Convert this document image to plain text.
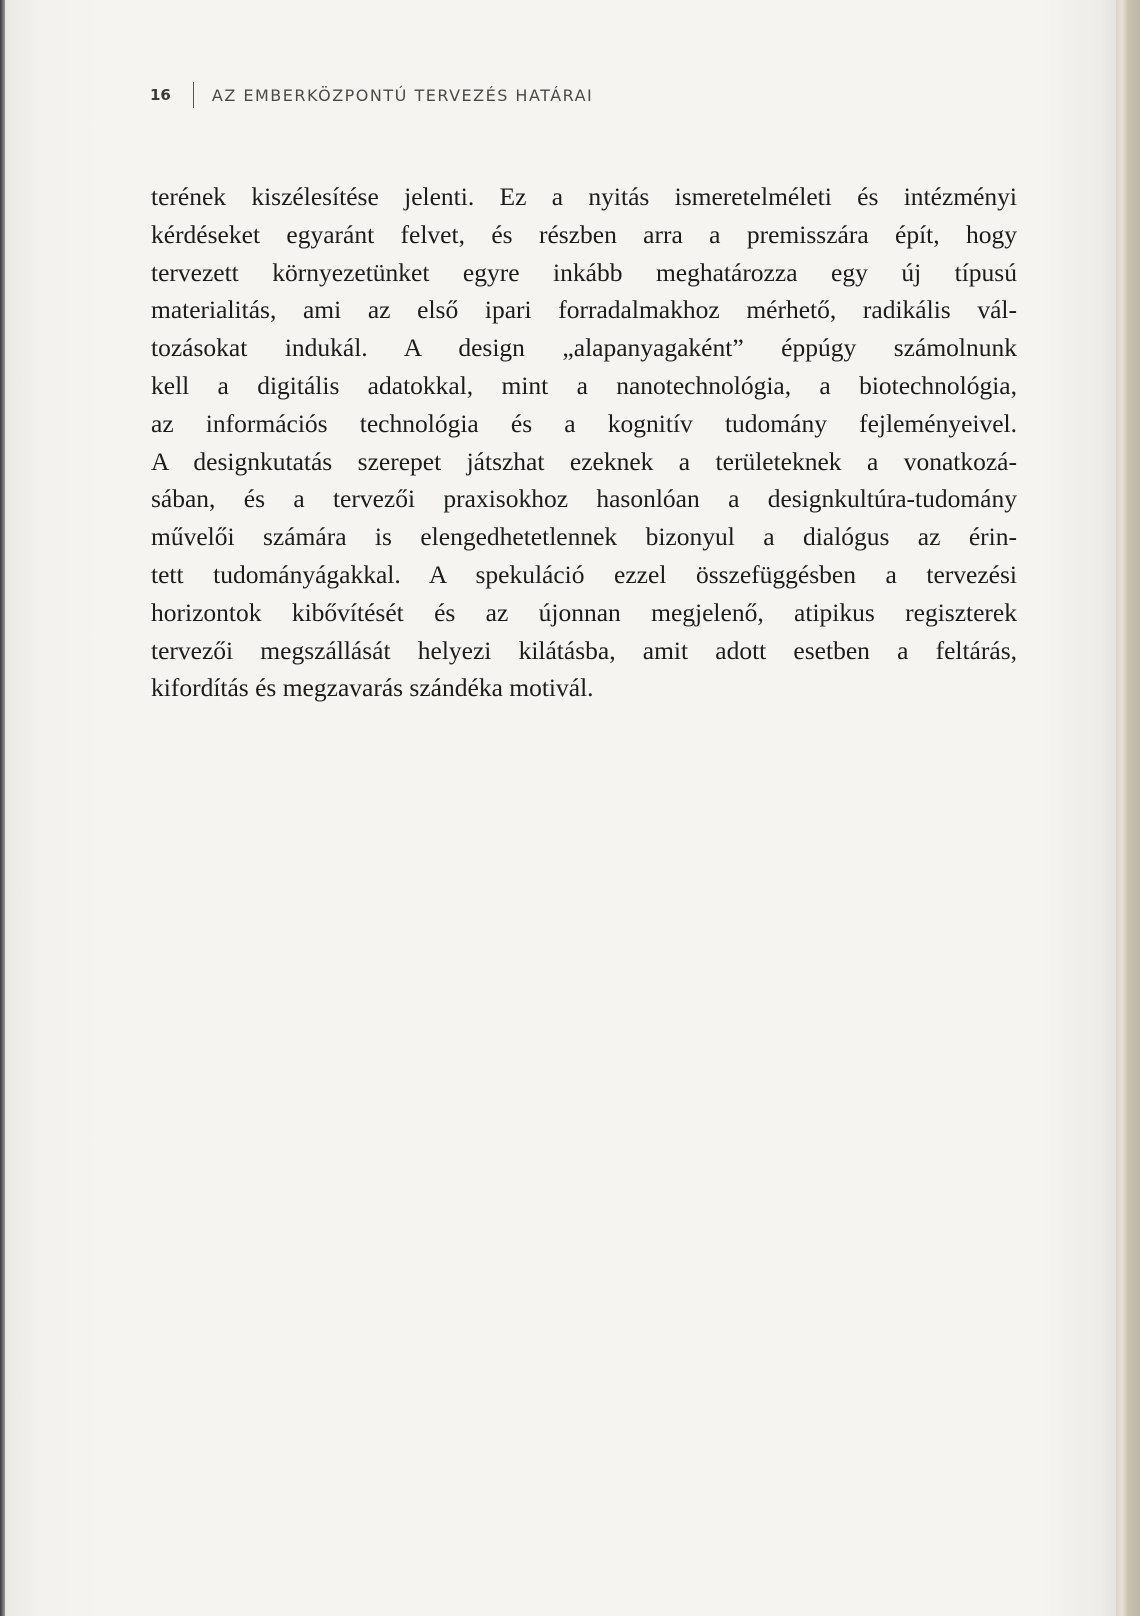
16	AZ EMBERKÖZPONTÚ TERVEZÉS HATÁRAI

terének kiszélesítése jelenti. Ez a nyitás ismeretelméleti és intézményi
kérdéseket egyaránt felvet, és részben arra a premisszára épít, hogy
tervezett környezetünket egyre inkább meghatározza egy új típusú
materialitás, ami az első ipari forradalmakhoz mérhető, radikális vál-
tozásokat indukál. A design „alapanyagaként” éppúgy számolnunk
kell a digitális adatokkal, mint a nanotechnológia, a biotechnológia,
az információs technológia és a kognitív tudomány fejleményeivel.
A designkutatás szerepet játszhat ezeknek a területeknek a vonatkozá-
sában, és a tervezői praxisokhoz hasonlóan a designkultúra-tudomány
művelői számára is elengedhetetlennek bizonyul a dialógus az érin-
tett tudományágakkal. A spekuláció ezzel összefüggésben a tervezési
horizontok kibővítését és az újonnan megjelenő, atipikus regiszterek
tervezői megszállását helyezi kilátásba, amit adott esetben a feltárás,
kifordítás és megzavarás szándéka motivál.
